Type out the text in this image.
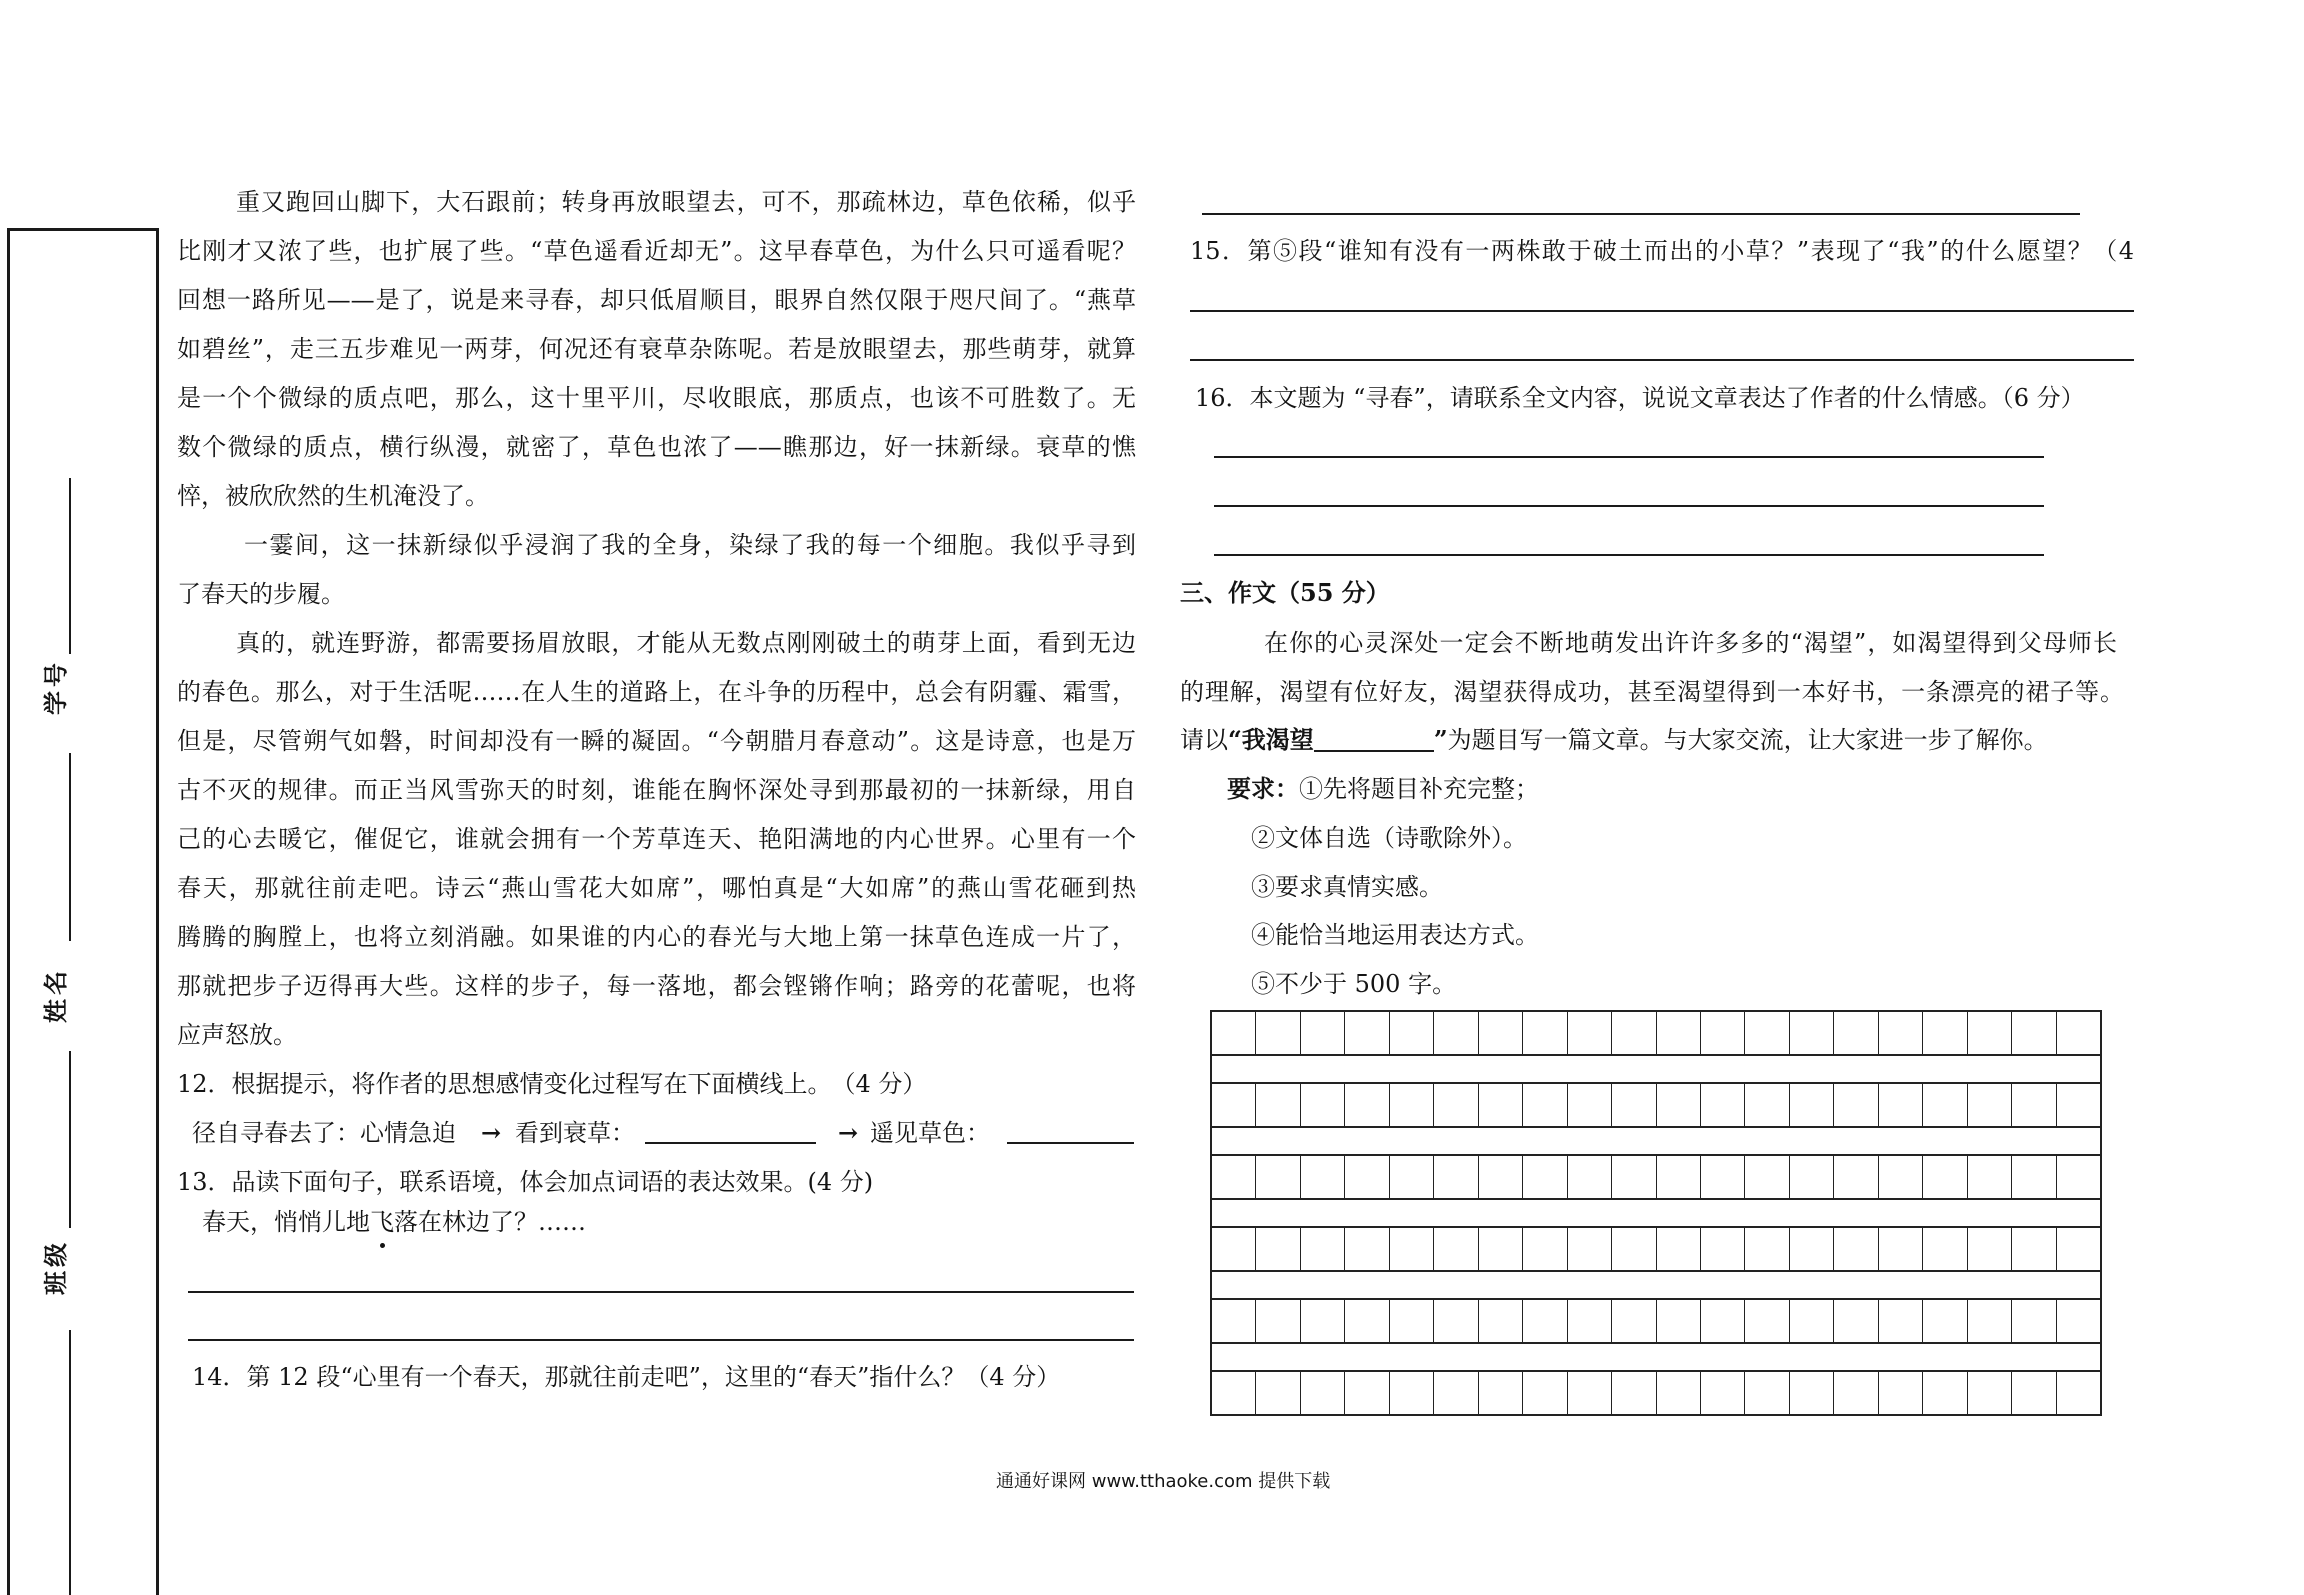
学号
姓名
班级
重又跑回山脚下，大石跟前；转身再放眼望去，可不，那疏林边，草色依稀，似乎
比刚才又浓了些，也扩展了些。“草色遥看近却无”。这早春草色，为什么只可遥看呢？
回想一路所见——是了，说是来寻春，却只低眉顺目，眼界自然仅限于咫尺间了。“燕草
如碧丝”，走三五步难见一两芽，何况还有衰草杂陈呢。若是放眼望去，那些萌芽，就算
是一个个微绿的质点吧，那么，这十里平川，尽收眼底，那质点，也该不可胜数了。无
数个微绿的质点，横行纵漫，就密了，草色也浓了——瞧那边，好一抹新绿。衰草的憔
悴，被欣欣然的生机淹没了。
一霎间，这一抹新绿似乎浸润了我的全身，染绿了我的每一个细胞。我似乎寻到
了春天的步履。
真的，就连野游，都需要扬眉放眼，才能从无数点刚刚破土的萌芽上面，看到无边
的春色。那么，对于生活呢……在人生的道路上，在斗争的历程中，总会有阴霾、霜雪，
但是，尽管朔气如磐，时间却没有一瞬的凝固。“今朝腊月春意动”。这是诗意，也是万
古不灭的规律。而正当风雪弥天的时刻，谁能在胸怀深处寻到那最初的一抹新绿，用自
己的心去暖它，催促它，谁就会拥有一个芳草连天、艳阳满地的内心世界。心里有一个
春天，那就往前走吧。诗云“燕山雪花大如席”，哪怕真是“大如席”的燕山雪花砸到热
腾腾的胸膛上，也将立刻消融。如果谁的内心的春光与大地上第一抹草色连成一片了，
那就把步子迈得再大些。这样的步子，每一落地，都会铿锵作响；路旁的花蕾呢，也将
应声怒放。
12．根据提示，将作者的思想感情变化过程写在下面横线上。　（4 分）
径自寻春去了：心情急迫 → 看到衰草：	→ 遥见草色：
13．品读下面句子，联系语境，体会加点词语的表达效果。(4 分)
春天，悄悄儿地飞落在林边了？……
14．第 12 段“心里有一个春天，那就往前走吧”，这里的“春天”指什么？（4 分）
15．第⑤段“谁知有没有一两株敢于破土而出的小草？”表现了“我”的什么愿望？（4
16．本文题为 “寻春”，请联系全文内容，说说文章表达了作者的什么情感。（6 分）
三、作文（55 分）
在你的心灵深处一定会不断地萌发出许许多多的“渴望”，如渴望得到父母师长
的理解，渴望有位好友，渴望获得成功，甚至渴望得到一本好书，一条漂亮的裙子等。
请以“我渴望	”为题目写一篇文章。与大家交流，让大家进一步了解你。
要求：①先将题目补充完整；
②文体自选（诗歌除外）。
③要求真情实感。
④能恰当地运用表达方式。
⑤不少于 500 字。
通通好课网 www.tthaoke.com 提供下载
